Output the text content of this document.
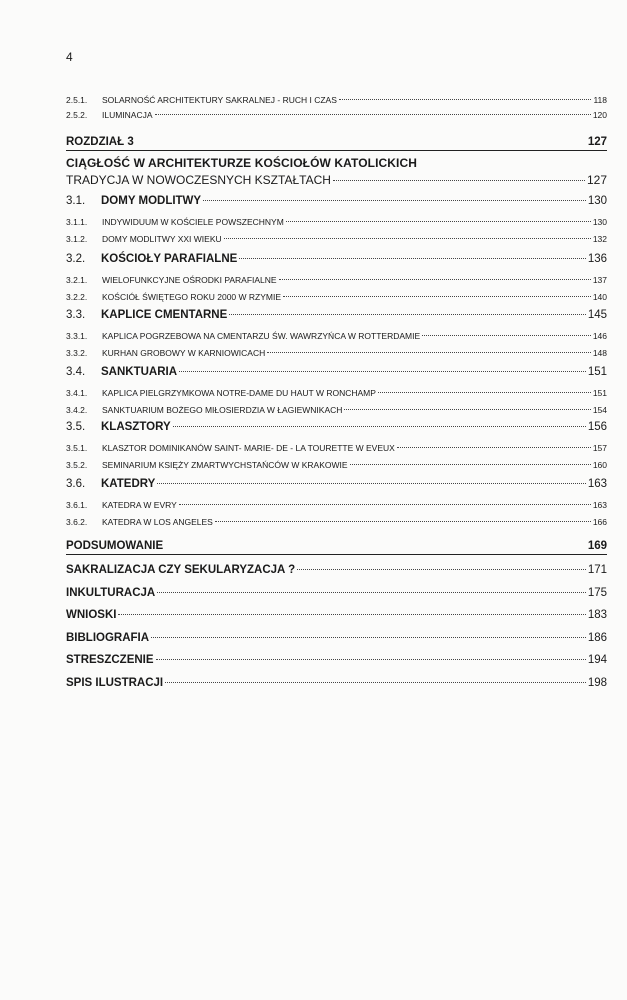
4
2.5.1.	SOLARNOŚĆ ARCHITEKTURY SAKRALNEJ - RUCH I CZAS	118
2.5.2.	ILUMINACJA	120
ROZDZIAŁ 3	127
CIĄGŁOŚĆ W ARCHITEKTURZE KOŚCIOŁÓW KATOLICKICH
TRADYCJA W NOWOCZESNYCH KSZTAŁTACH	127
3.1.	DOMY MODLITWY	130
3.1.1.	INDYWIDUUM W KOŚCIELE POWSZECHNYM	130
3.1.2.	DOMY MODLITWY XXI WIEKU	132
3.2.	KOŚCIOŁY PARAFIALNE	136
3.2.1.	WIELOFUNKCYJNE OŚRODKI PARAFIALNE	137
3.2.2.	KOŚCIÓŁ ŚWIĘTEGO ROKU 2000 W RZYMIE	140
3.3.	KAPLICE CMENTARNE	145
3.3.1.	KAPLICA POGRZEBOWA NA CMENTARZU ŚW. WAWRZYŃCA W ROTTERDAMIE	146
3.3.2.	KURHAN GROBOWY W KARNIOWICACH	148
3.4.	SANKTUARIA	151
3.4.1.	KAPLICA PIELGRZYMKOWA NOTRE-DAME DU HAUT W RONCHAMP	151
3.4.2.	SANKTUARIUM BOŻEGO MIŁOSIERDZIA W ŁAGIEWNIKACH	154
3.5.	KLASZTORY	156
3.5.1.	KLASZTOR DOMINIKANÓW SAINT- MARIE- DE - LA TOURETTE W EVEUX	157
3.5.2.	SEMINARIUM KSIĘŻY ZMARTWYCHSTAŃCÓW W KRAKOWIE	160
3.6.	KATEDRY	163
3.6.1.	KATEDRA W EVRY	163
3.6.2.	KATEDRA W LOS ANGELES	166
PODSUMOWANIE	169
SAKRALIZACJA CZY SEKULARYZACJA ?	171
INKULTURACJA	175
WNIOSKI	183
BIBLIOGRAFIA	186
STRESZCZENIE	194
SPIS ILUSTRACJI	198
